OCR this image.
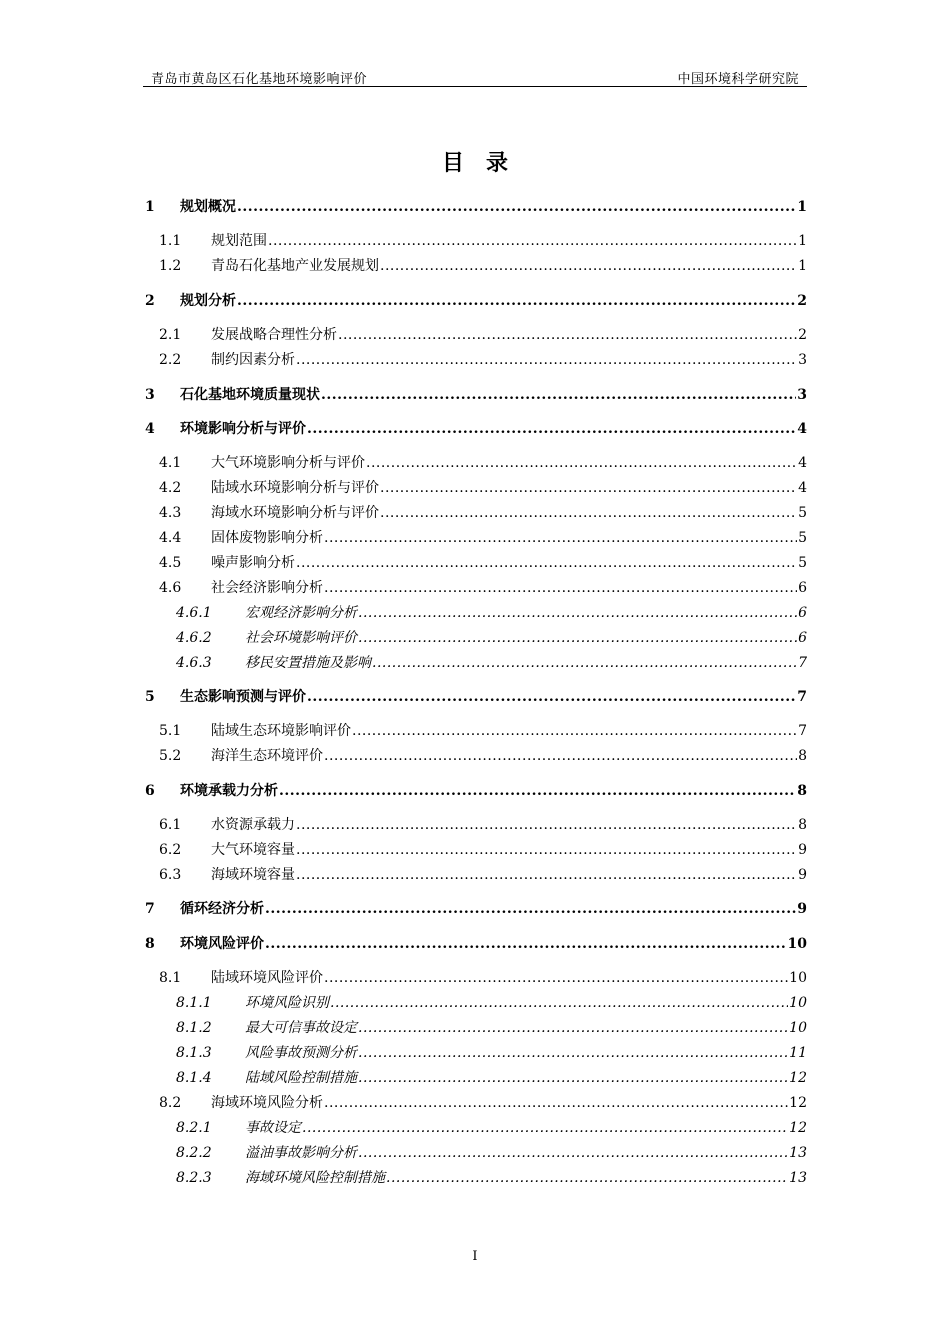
青岛市黄岛区石化基地环境影响评价	中国环境科学研究院
目录
1	规划概况 .....	1
1.1	规划范围 .....	1
1.2	青岛石化基地产业发展规划 .....	1
2	规划分析 .....	2
2.1	发展战略合理性分析 .....	2
2.2	制约因素分析 .....	3
3	石化基地环境质量现状 .....	3
4	环境影响分析与评价 .....	4
4.1	大气环境影响分析与评价 .....	4
4.2	陆域水环境影响分析与评价 .....	4
4.3	海域水环境影响分析与评价 .....	5
4.4	固体废物影响分析 .....	5
4.5	噪声影响分析 .....	5
4.6	社会经济影响分析 .....	6
4.6.1	宏观经济影响分析 .....	6
4.6.2	社会环境影响评价 .....	6
4.6.3	移民安置措施及影响 .....	7
5	生态影响预测与评价 .....	7
5.1	陆域生态环境影响评价 .....	7
5.2	海洋生态环境评价 .....	8
6	环境承载力分析 .....	8
6.1	水资源承载力 .....	8
6.2	大气环境容量 .....	9
6.3	海域环境容量 .....	9
7	循环经济分析 .....	9
8	环境风险评价 .....	10
8.1	陆域环境风险评价 .....	10
8.1.1	环境风险识别 .....	10
8.1.2	最大可信事故设定 .....	10
8.1.3	风险事故预测分析 .....	11
8.1.4	陆域风险控制措施 .....	12
8.2	海域环境风险分析 .....	12
8.2.1	事故设定 .....	12
8.2.2	溢油事故影响分析 .....	13
8.2.3	海域环境风险控制措施 .....	13
I
